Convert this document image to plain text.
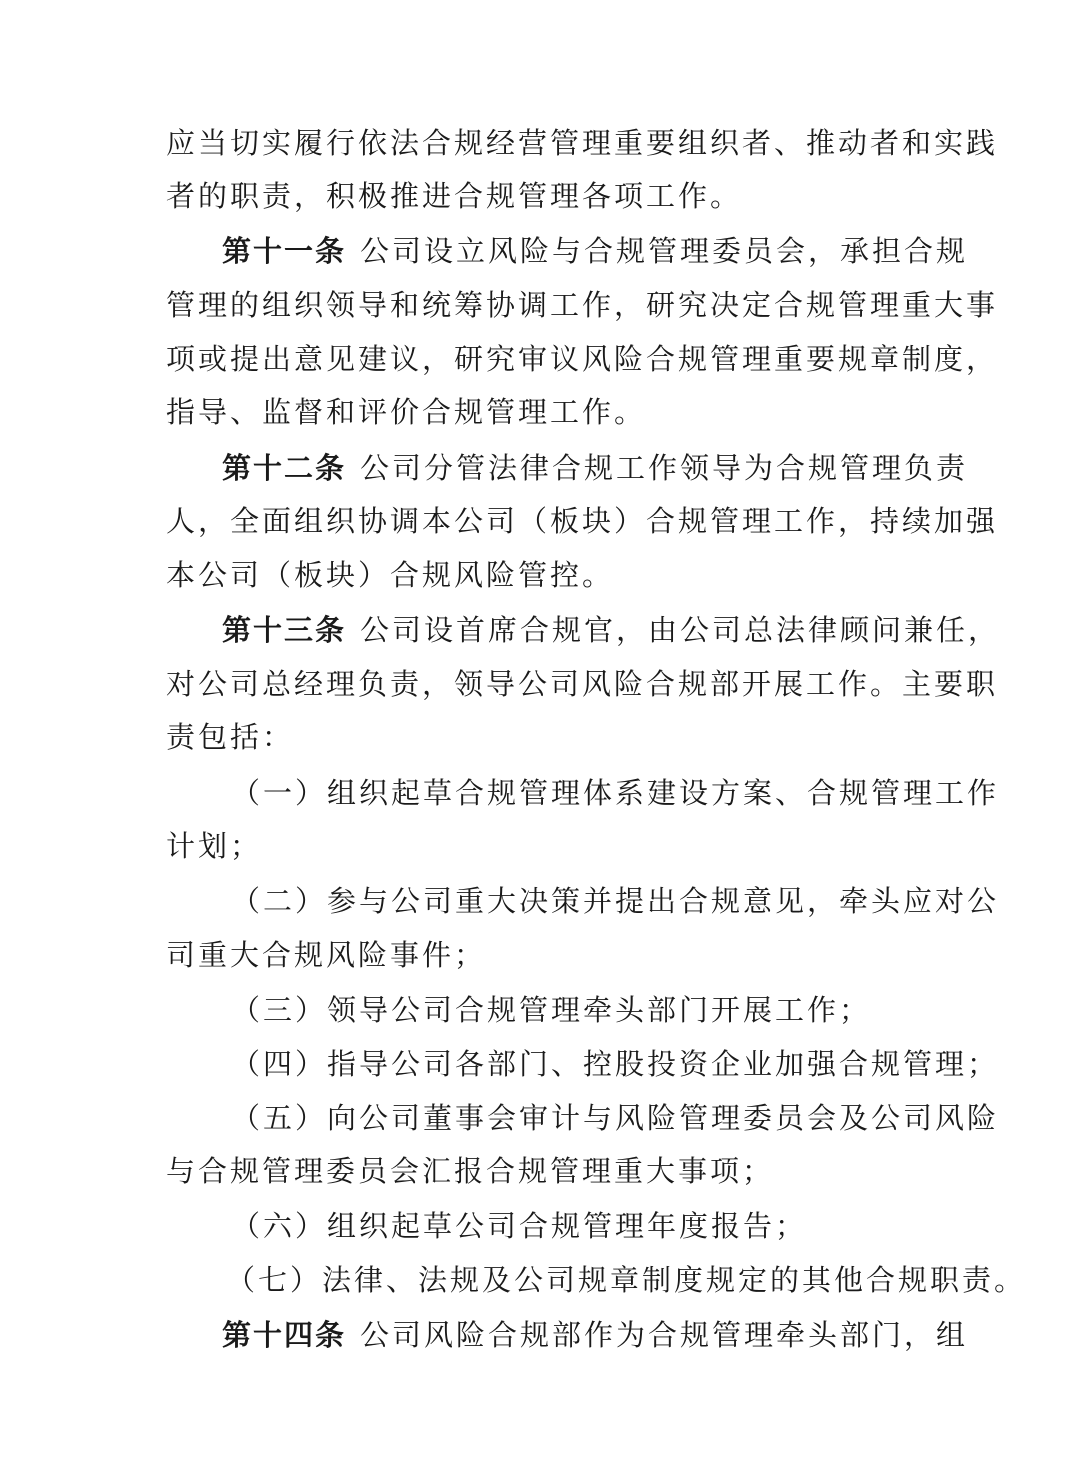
应当切实履行依法合规经营管理重要组织者、推动者和实践
者的职责，积极推进合规管理各项工作。
第十一条 公司设立风险与合规管理委员会，承担合规
管理的组织领导和统筹协调工作，研究决定合规管理重大事
项或提出意见建议，研究审议风险合规管理重要规章制度，
指导、监督和评价合规管理工作。
第十二条 公司分管法律合规工作领导为合规管理负责
人，全面组织协调本公司（板块）合规管理工作，持续加强
本公司（板块）合规风险管控。
第十三条 公司设首席合规官，由公司总法律顾问兼任，
对公司总经理负责，领导公司风险合规部开展工作。主要职
责包括：
（一）组织起草合规管理体系建设方案、合规管理工作
计划；
（二）参与公司重大决策并提出合规意见，牵头应对公
司重大合规风险事件；
（三）领导公司合规管理牵头部门开展工作；
（四）指导公司各部门、控股投资企业加强合规管理；
（五）向公司董事会审计与风险管理委员会及公司风险
与合规管理委员会汇报合规管理重大事项；
（六）组织起草公司合规管理年度报告；
（七）法律、法规及公司规章制度规定的其他合规职责。
第十四条 公司风险合规部作为合规管理牵头部门，组
